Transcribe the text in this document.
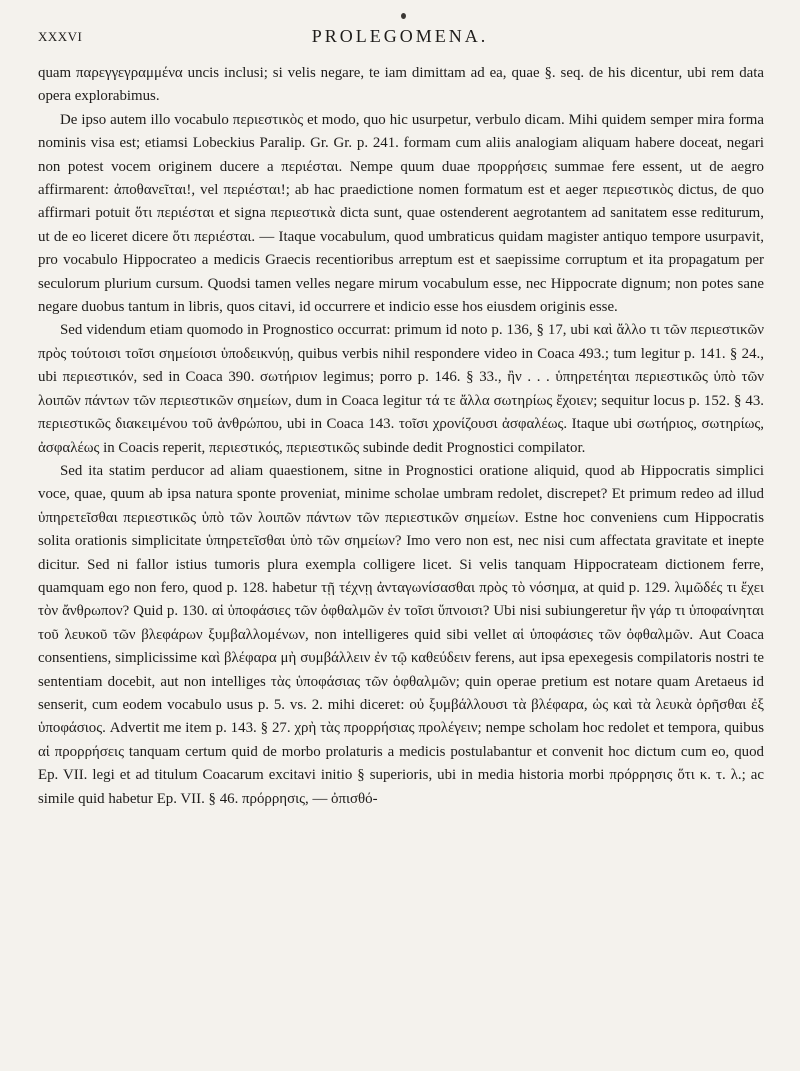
XXXVI	PROLEGOMENA.

quam παρεγγεγραμμένα uncis inclusi; si velis negare, te iam dimittam ad ea, quae §. seq. de his dicentur, ubi rem data opera explorabimus.

De ipso autem illo vocabulo περιεστικὸς et modo, quo hic usurpetur, verbulo dicam. Mihi quidem semper mira forma nominis visa est; etiamsi Lobeckius Paralip. Gr. Gr. p. 241. formam cum aliis analogiam aliquam habere doceat, negari non potest vocem originem ducere a περιέσται. Nempe quum duae προρρήσεις summae fere essent, ut de aegro affirmarent: ἀποθανεῖται!, vel περιέσται!; ab hac praedictione nomen formatum est et aeger περιεστικὸς dictus, de quo affirmari potuit ὅτι περιέσται et signa περιεστικὰ dicta sunt, quae ostenderent aegrotantem ad sanitatem esse rediturum, ut de eo liceret dicere ὅτι περιέσται. — Itaque vocabulum, quod umbraticus quidam magister antiquo tempore usurpavit, pro vocabulo Hippocrateo a medicis Graecis recentioribus arreptum est et saepissime corruptum et ita propagatum per seculorum plurium cursum. Quodsi tamen velles negare mirum vocabulum esse, nec Hippocrate dignum; non potes sane negare duobus tantum in libris, quos citavi, id occurrere et indicio esse hos eiusdem originis esse.

Sed videndum etiam quomodo in Prognostico occurrat: primum id noto p. 136, § 17, ubi καὶ ἄλλο τι τῶν περιεστικῶν πρὸς τούτοισι τοῖσι σημείοισι ὑποδεικνύῃ, quibus verbis nihil respondere video in Coaca 493.; tum legitur p. 141. § 24., ubi περιεστικόν, sed in Coaca 390. σωτήριον legimus; porro p. 146. § 33., ἢν . . . ὑπηρετέηται περιεστικῶς ὑπὸ τῶν λοιπῶν πάντων τῶν περιεστικῶν σημείων, dum in Coaca legitur τά τε ἄλλα σωτηρίως ἔχοιεν; sequitur locus p. 152. § 43. περιεστικῶς διακειμένου τοῦ ἀνθρώπου, ubi in Coaca 143. τοῖσι χρονίζουσι ἀσφαλέως. Itaque ubi σωτήριος, σωτηρίως, ἀσφαλέως in Coacis reperit, περιεστικός, περιεστικῶς subinde dedit Prognostici compilator.

Sed ita statim perducor ad aliam quaestionem, sitne in Prognostici oratione aliquid, quod ab Hippocratis simplici voce, quae, quum ab ipsa natura sponte proveniat, minime scholae umbram redolet, discrepet? Et primum redeo ad illud ὑπηρετεῖσθαι περιεστικῶς ὑπὸ τῶν λοιπῶν πάντων τῶν περιεστικῶν σημείων. Estne hoc conveniens cum Hippocratis solita orationis simplicitate ὑπηρετεῖσθαι ὑπὸ τῶν σημείων? Imo vero non est, nec nisi cum affectata gravitate et inepte dicitur. Sed ni fallor istius tumoris plura exempla colligere licet. Si velis tanquam Hippocrateam dictionem ferre, quamquam ego non fero, quod p. 128. habetur τῇ τέχνῃ ἀνταγωνίσασθαι πρὸς τὸ νόσημα, at quid p. 129. λιμῶδές τι ἔχει τὸν ἄνθρωπον? Quid p. 130. αἱ ὑποφάσιες τῶν ὀφθαλμῶν ἐν τοῖσι ὕπνοισι? Ubi nisi subiungeretur ἢν γάρ τι ὑποφαίνηται τοῦ λευκοῦ τῶν βλεφάρων ξυμβαλλομένων, non intelligeres quid sibi vellet αἱ ὑποφάσιες τῶν ὀφθαλμῶν. Aut Coaca consentiens, simplicissime καὶ βλέφαρα μὴ συμβάλλειν ἐν τῷ καθεύδειν ferens, aut ipsa epexegesis compilatoris nostri te sententiam docebit, aut non intelliges τὰς ὑποφάσιας τῶν ὀφθαλμῶν; quin operae pretium est notare quam Aretaeus id senserit, cum eodem vocabulo usus p. 5. vs. 2. mihi diceret: οὐ ξυμβάλλουσι τὰ βλέφαρα, ὡς καὶ τὰ λευκὰ ὁρῆσθαι ἐξ ὑποφάσιος. Advertit me item p. 143. § 27. χρὴ τὰς προρρήσιας προλέγειν; nempe scholam hoc redolet et tempora, quibus αἱ προρρήσεις tanquam certum quid de morbo prolaturis a medicis postulabantur et convenit hoc dictum cum eo, quod Ep. VII. legi et ad titulum Coacarum excitavi initio § superioris, ubi in media historia morbi πρόρρησις ὅτι κ. τ. λ.; ac simile quid habetur Ep. VII. § 46. πρόρρησις, — ὀπισθό-
